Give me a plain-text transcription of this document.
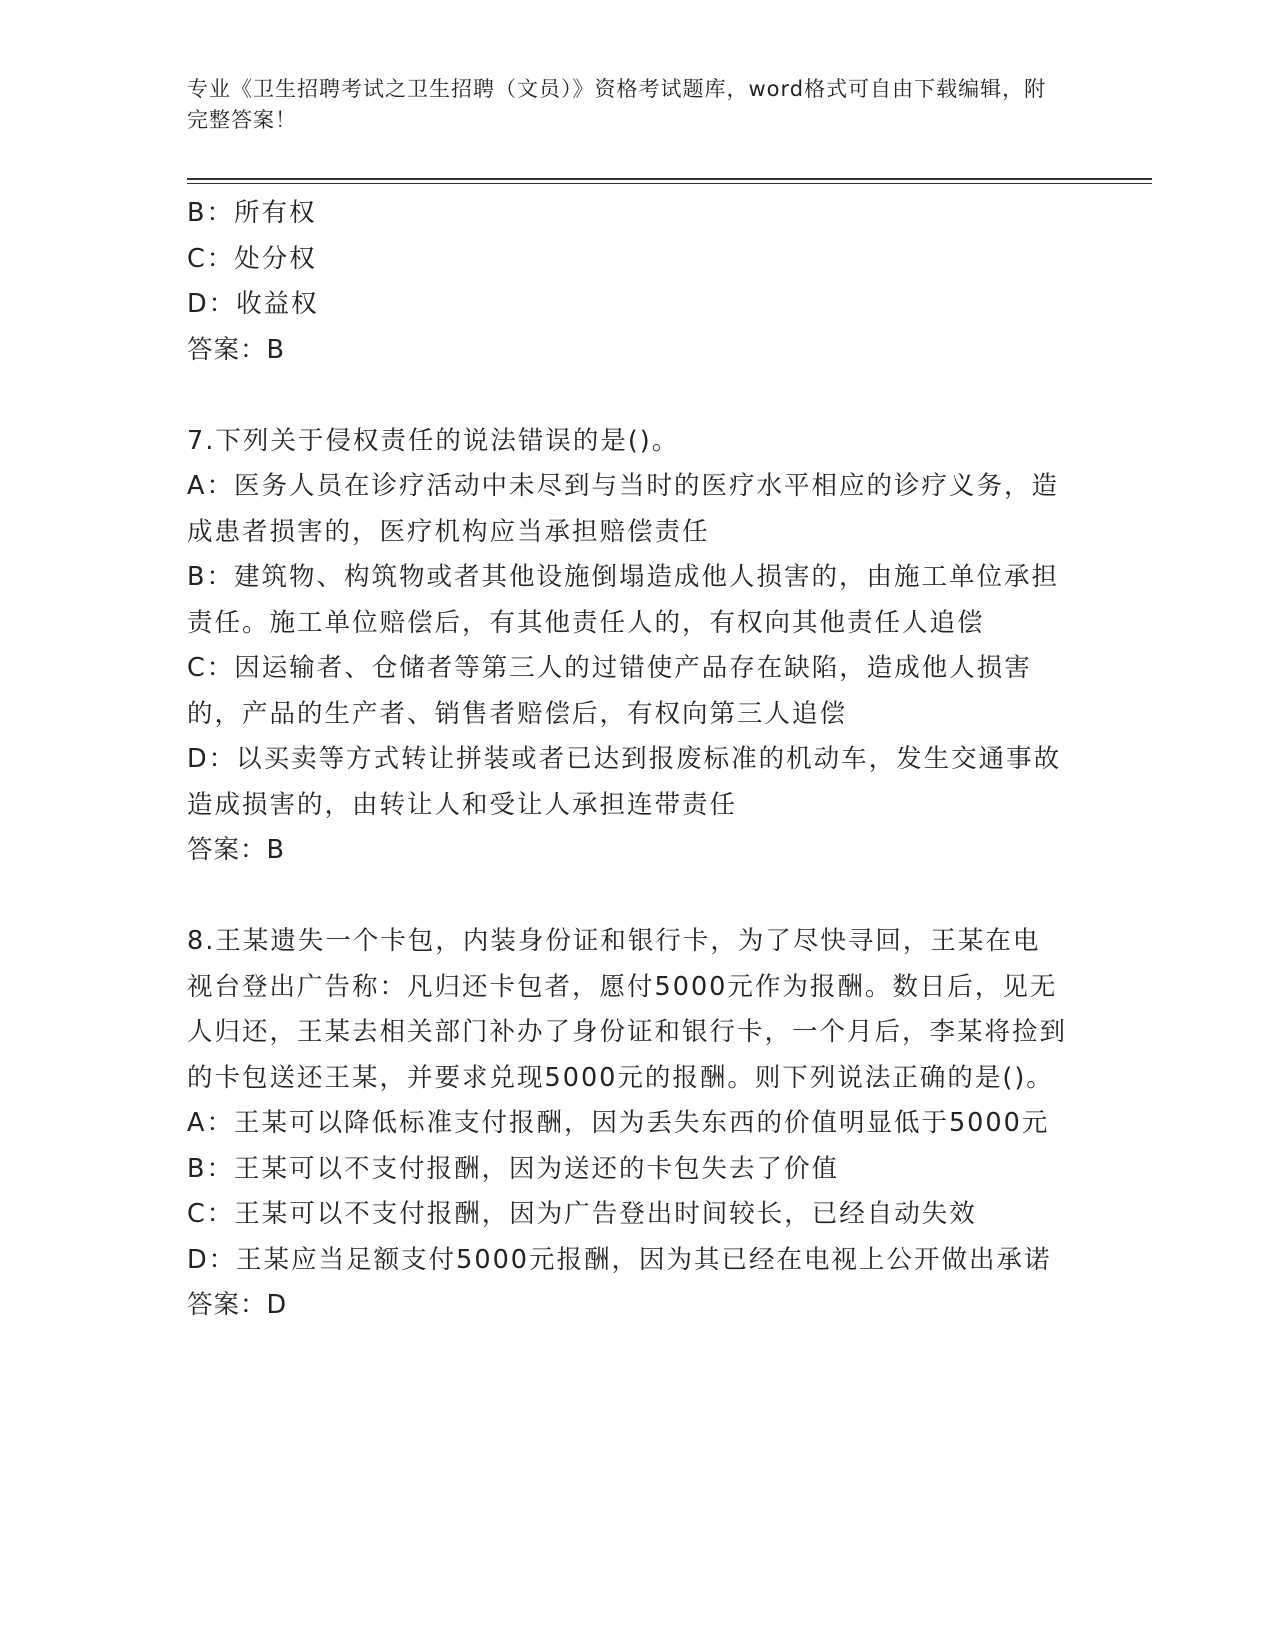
专业《卫生招聘考试之卫生招聘（文员）》资格考试题库，word格式可自由下载编辑，附完整答案！

B：所有权

C：处分权

D：收益权

答案：B

7.下列关于侵权责任的说法错误的是()。

A：医务人员在诊疗活动中未尽到与当时的医疗水平相应的诊疗义务，造成患者损害的，医疗机构应当承担赔偿责任

B：建筑物、构筑物或者其他设施倒塌造成他人损害的，由施工单位承担责任。施工单位赔偿后，有其他责任人的，有权向其他责任人追偿

C：因运输者、仓储者等第三人的过错使产品存在缺陷，造成他人损害的，产品的生产者、销售者赔偿后，有权向第三人追偿

D：以买卖等方式转让拼装或者已达到报废标准的机动车，发生交通事故造成损害的，由转让人和受让人承担连带责任

答案：B

8.王某遗失一个卡包，内装身份证和银行卡，为了尽快寻回，王某在电视台登出广告称：凡归还卡包者，愿付5000元作为报酬。数日后，见无人归还，王某去相关部门补办了身份证和银行卡，一个月后，李某将捡到的卡包送还王某，并要求兑现5000元的报酬。则下列说法正确的是()。

A：王某可以降低标准支付报酬，因为丢失东西的价值明显低于5000元

B：王某可以不支付报酬，因为送还的卡包失去了价值

C：王某可以不支付报酬，因为广告登出时间较长，已经自动失效

D：王某应当足额支付5000元报酬，因为其已经在电视上公开做出承诺

答案：D
